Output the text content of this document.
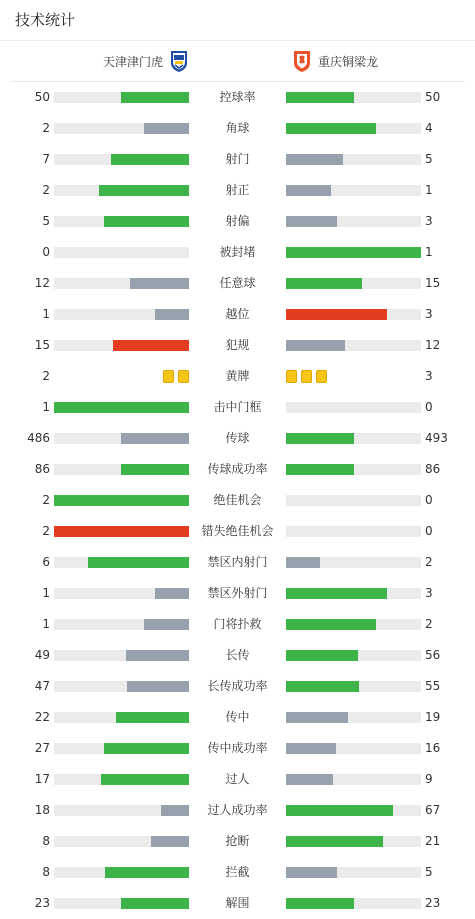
技术统计
天津津门虎	重庆铜梁龙
50	控球率	50
2	角球	4
7	射门	5
2	射正	1
5	射偏	3
0	被封堵	1
12	任意球	15
1	越位	3
15	犯规	12
2	黄牌	3
1	击中门框	0
486	传球	493
86	传球成功率	86
2	绝佳机会	0
2	错失绝佳机会	0
6	禁区内射门	2
1	禁区外射门	3
1	门将扑救	2
49	长传	56
47	长传成功率	55
22	传中	19
27	传中成功率	16
17	过人	9
18	过人成功率	67
8	抢断	21
8	拦截	5
23	解围	23
